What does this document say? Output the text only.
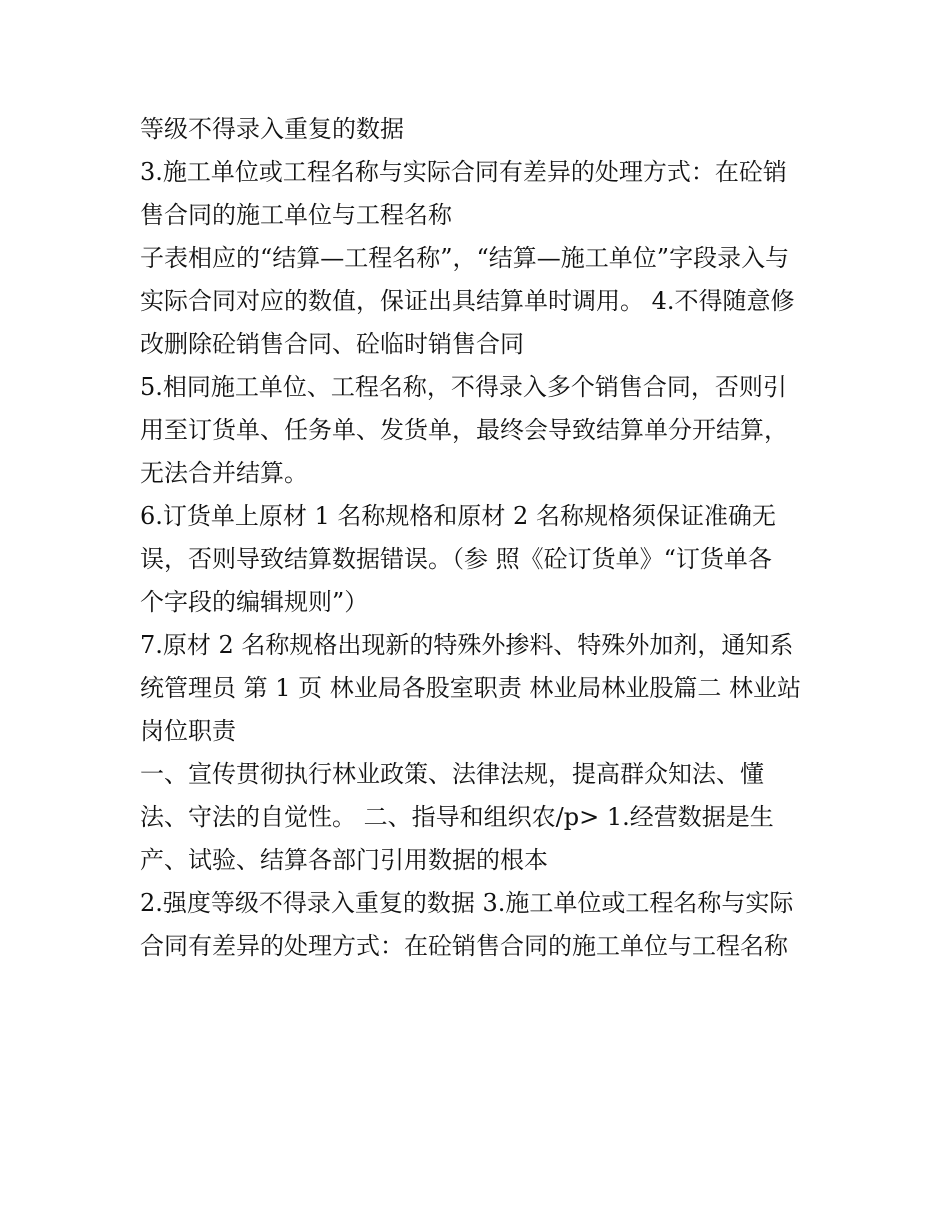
等级不得录入重复的数据
3.施工单位或工程名称与实际合同有差异的处理方式：在砼销
售合同的施工单位与工程名称
子表相应的“结算—工程名称”，“结算—施工单位”字段录入与
实际合同对应的数值，保证出具结算单时调用。 4.不得随意修
改删除砼销售合同、砼临时销售合同
5.相同施工单位、工程名称，不得录入多个销售合同，否则引
用至订货单、任务单、发货单，最终会导致结算单分开结算，
无法合并结算。
6.订货单上原材 1 名称规格和原材 2 名称规格须保证准确无
误，否则导致结算数据错误。（参 照《砼订货单》“订货单各
个字段的编辑规则”）
7.原材 2 名称规格出现新的特殊外掺料、特殊外加剂，通知系
统管理员 第 1 页 林业局各股室职责 林业局林业股篇二 林业站
岗位职责
一、宣传贯彻执行林业政策、法律法规，提高群众知法、懂
法、守法的自觉性。 二、指导和组织农/p> 1.经营数据是生
产、试验、结算各部门引用数据的根本
2.强度等级不得录入重复的数据 3.施工单位或工程名称与实际
合同有差异的处理方式：在砼销售合同的施工单位与工程名称
